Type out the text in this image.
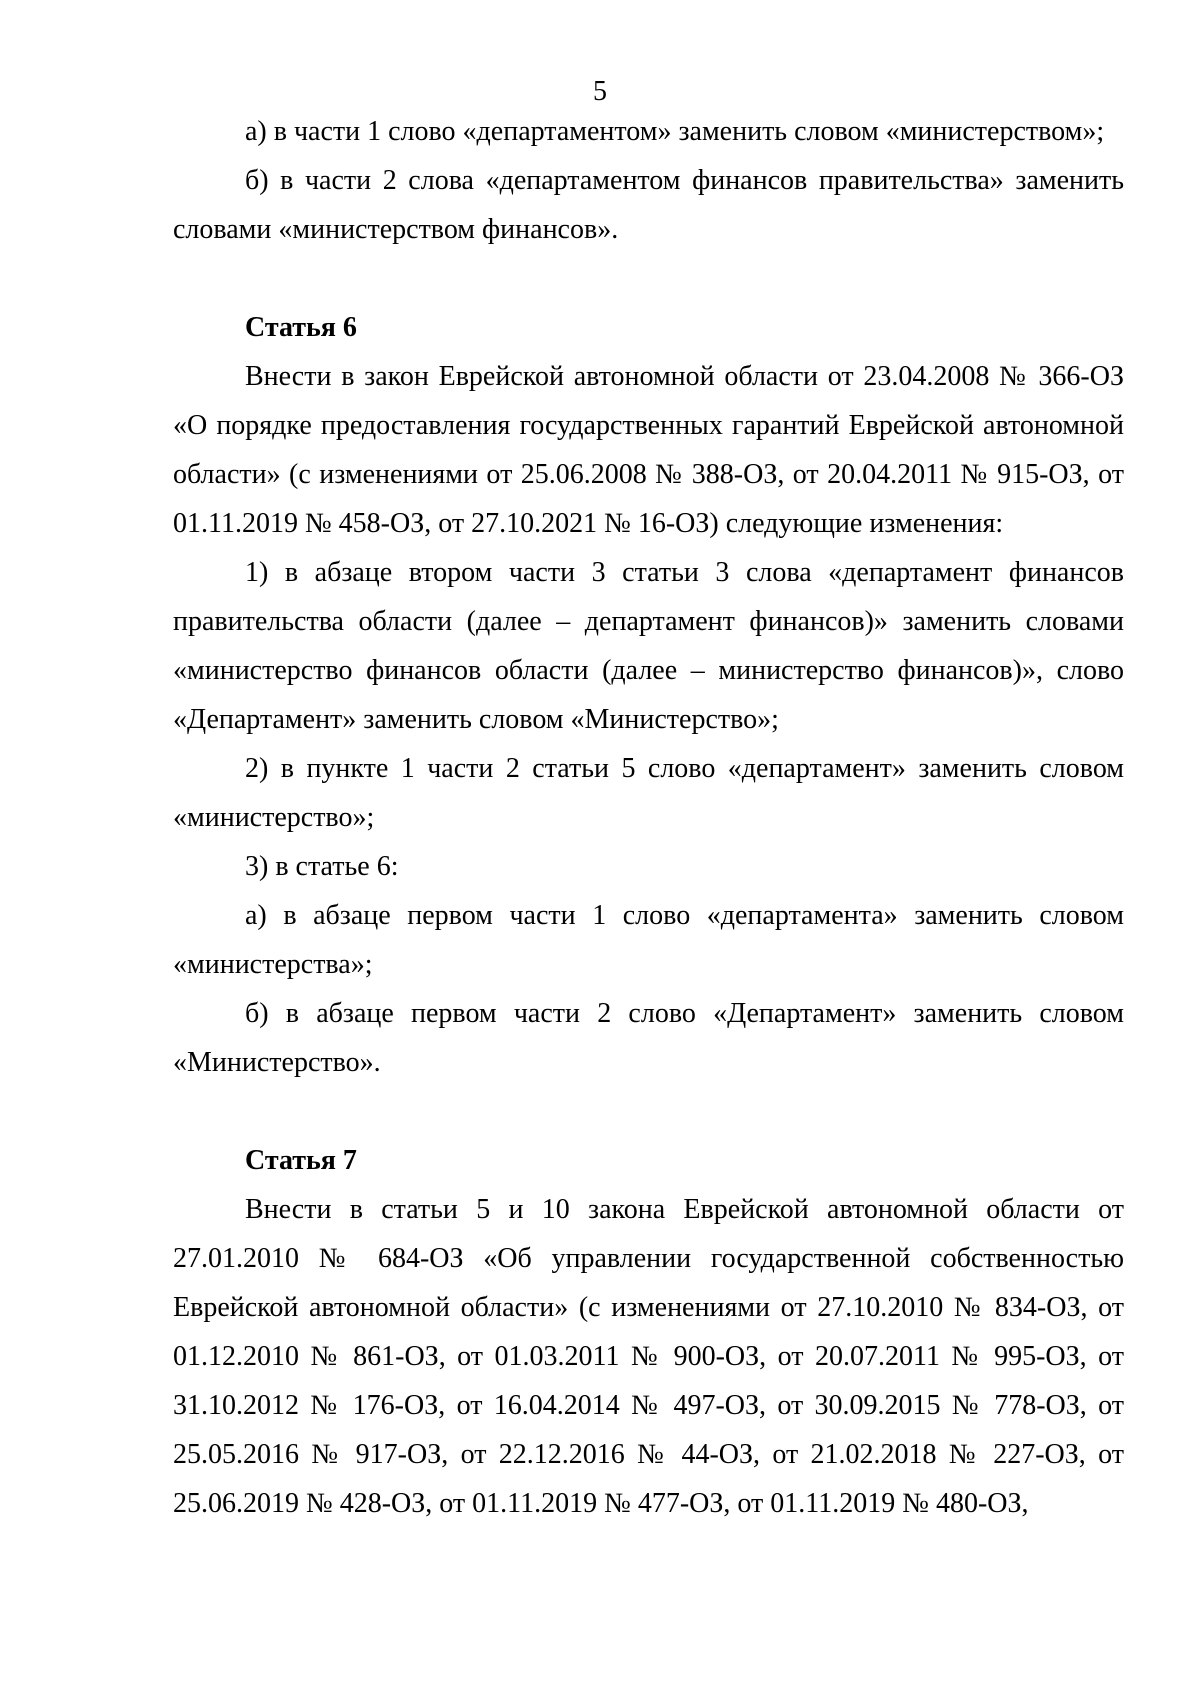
5

а) в части 1 слово «департаментом» заменить словом «министерством»;

б) в части 2 слова «департаментом финансов правительства» заменить словами «министерством финансов».

Статья 6

Внести в закон Еврейской автономной области от 23.04.2008 № 366-ОЗ «О порядке предоставления государственных гарантий Еврейской автономной области» (с изменениями от 25.06.2008 № 388-ОЗ, от 20.04.2011 № 915-ОЗ, от 01.11.2019 № 458-ОЗ, от 27.10.2021 № 16-ОЗ) следующие изменения:

1) в абзаце втором части 3 статьи 3 слова «департамент финансов правительства области (далее – департамент финансов)» заменить словами «министерство финансов области (далее – министерство финансов)», слово «Департамент» заменить словом «Министерство»;

2) в пункте 1 части 2 статьи 5 слово «департамент» заменить словом «министерство»;

3) в статье 6:

а) в абзаце первом части 1 слово «департамента» заменить словом «министерства»;

б) в абзаце первом части 2 слово «Департамент» заменить словом «Министерство».

Статья 7

Внести в статьи 5 и 10 закона Еврейской автономной области от 27.01.2010 № 684-ОЗ «Об управлении государственной собственностью Еврейской автономной области» (с изменениями от 27.10.2010 № 834-ОЗ, от 01.12.2010 № 861-ОЗ, от 01.03.2011 № 900-ОЗ, от 20.07.2011 № 995-ОЗ, от 31.10.2012 № 176-ОЗ, от 16.04.2014 № 497-ОЗ, от 30.09.2015 № 778-ОЗ, от 25.05.2016 № 917-ОЗ, от 22.12.2016 № 44-ОЗ, от 21.02.2018 № 227-ОЗ, от 25.06.2019 № 428-ОЗ, от 01.11.2019 № 477-ОЗ, от 01.11.2019 № 480-ОЗ,
